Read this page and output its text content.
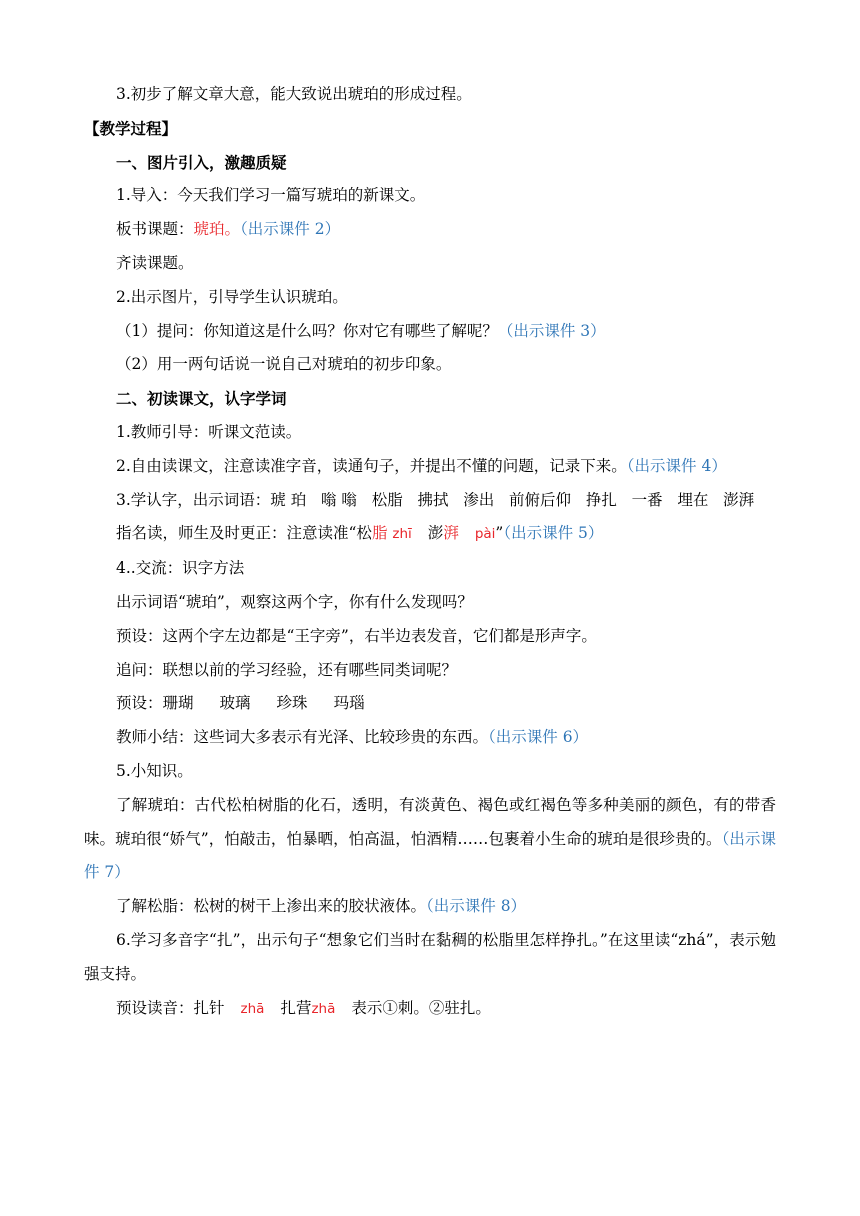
3.初步了解文章大意，能大致说出琥珀的形成过程。

【教学过程】

一、图片引入，激趣质疑

1.导入：今天我们学习一篇写琥珀的新课文。

板书课题：琥珀。（出示课件 2）

齐读课题。

2.出示图片，引导学生认识琥珀。

（1）提问：你知道这是什么吗？你对它有哪些了解呢？（出示课件 3）

（2）用一两句话说一说自己对琥珀的初步印象。

二、初读课文，认字学词

1.教师引导：听课文范读。

2.自由读课文，注意读准字音，读通句子，并提出不懂的问题，记录下来。（出示课件 4）

3.学认字，出示词语：琥 珀   嗡 嗡   松脂   拂拭   渗出   前俯后仰   挣扎   一番   埋在   澎湃

指名读，师生及时更正：注意读准“松脂 zhī 澎湃 pài”（出示课件 5）

4..交流：识字方法

出示词语“琥珀”，观察这两个字，你有什么发现吗？

预设：这两个字左边都是“王字旁”，右半边表发音，它们都是形声字。

追问：联想以前的学习经验，还有哪些同类词呢？

预设：珊瑚 玻璃 珍珠 玛瑙

教师小结：这些词大多表示有光泽、比较珍贵的东西。（出示课件 6）

5.小知识。

了解琥珀：古代松柏树脂的化石，透明，有淡黄色、褐色或红褐色等多种美丽的颜色，有的带香味。琥珀很“娇气”，怕敲击，怕暴晒，怕高温，怕酒精……包裹着小生命的琥珀是很珍贵的。（出示课件 7）

了解松脂：松树的树干上渗出来的胶状液体。（出示课件 8）

6.学习多音字“扎”，出示句子“想象它们当时在黏稠的松脂里怎样挣扎。”在这里读“zhá”，表示勉强支持。

预设读音：扎针 zhā 扎营zhā 表示①刺。②驻扎。
